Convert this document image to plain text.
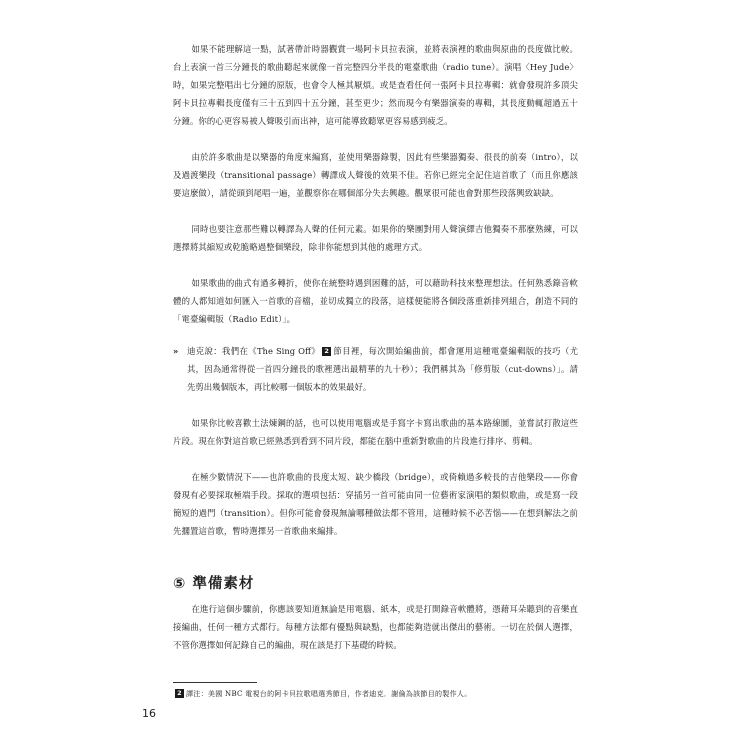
如果不能理解這一點，試著帶計時器觀賞一場阿卡貝拉表演，並將表演裡的歌曲與原曲的長度做比較。台上表演一首三分鐘長的歌曲聽起來就像一首完整四分半長的電臺歌曲（radio tune）。演唱〈Hey Jude〉時，如果完整唱出七分鐘的原版，也會令人極其厭煩。或是查看任何一張阿卡貝拉專輯：就會發現許多頂尖阿卡貝拉專輯長度僅有三十五到四十五分鐘，甚至更少；然而現今有樂器演奏的專輯，其長度動輒超過五十分鐘。你的心更容易被人聲吸引而出神，這可能導致聽眾更容易感到疲乏。

由於許多歌曲是以樂器的角度來編寫，並使用樂器錄製，因此有些樂器獨奏、很長的前奏（intro），以及過渡樂段（transitional passage）轉譯成人聲後的效果不佳。若你已經完全記住這首歌了（而且你應該要這麼做），請從頭到尾唱一遍，並觀察你在哪個部分失去興趣。觀眾很可能也會對那些段落興致缺缺。

同時也要注意那些難以轉譯為人聲的任何元素。如果你的樂團對用人聲演繹吉他獨奏不那麼熟練，可以選擇將其縮短或乾脆略過整個樂段，除非你能想到其他的處理方式。

如果歌曲的曲式有過多轉折，使你在統整時遇到困難的話，可以藉助科技來整理想法。任何熟悉錄音軟體的人都知道如何匯入一首歌的音檔，並切成獨立的段落，這樣便能將各個段落重新排列組合，創造不同的「電臺編輯版（Radio Edit）」。

» 迪克說：我們在《The Sing Off》 2 節目裡，每次開始編曲前，都會運用這種電臺編輯版的技巧（尤其，因為通常得從一首四分鐘長的歌裡選出最精華的九十秒）；我們稱其為「修剪版（cut-downs）」。請先剪出幾個版本，再比較哪一個版本的效果最好。

如果你比較喜歡土法煉鋼的話，也可以使用電腦或是手寫字卡寫出歌曲的基本路線圖，並嘗試打散這些片段。現在你對這首歌已經熟悉到看到不同片段，都能在腦中重新對歌曲的片段進行排序、剪輯。

在極少數情況下——也許歌曲的長度太短、缺少橋段（bridge），或倚賴過多較長的吉他樂段——你會發現有必要採取極端手段。採取的選項包括：穿插另一首可能由同一位藝術家演唱的類似歌曲，或是寫一段簡短的過門（transition）。但你可能會發現無論哪種做法都不管用，這種時候不必苦惱——在想到解法之前先擱置這首歌，暫時選擇另一首歌曲來編排。

⑤ 準備素材

在進行這個步驟前，你應該要知道無論是用電腦、紙本，或是打開錄音軟體將，憑藉耳朵聽到的音樂直接編曲，任何一種方式都行。每種方法都有優點與缺點，也都能夠造就出傑出的藝術。一切在於個人選擇，不管你選擇如何記錄自己的編曲，現在該是打下基礎的時候。

2 譯注：美國 NBC 電視台的阿卡貝拉歌唱選秀節目，作者迪克．謝倫為該節目的製作人。
16
